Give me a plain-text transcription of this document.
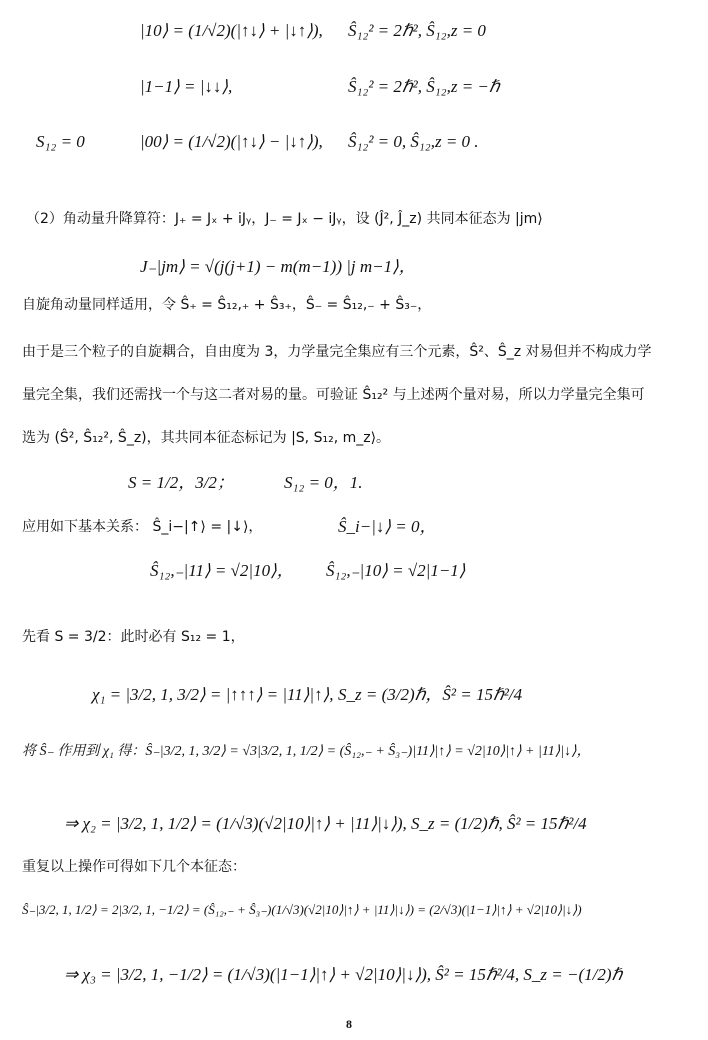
|10⟩ = (1/√2)(|↑↓⟩ + |↓↑⟩), Ŝ₁₂² = 2ℏ², Ŝ₁₂,z = 0
|1−1⟩ = |↓↓⟩,	Ŝ₁₂² = 2ℏ², Ŝ₁₂,z = −ℏ
S₁₂ = 0	|00⟩ = (1/√2)(|↑↓⟩ − |↓↑⟩), Ŝ₁₂² = 0, Ŝ₁₂,z = 0 .
（2）角动量升降算符：J₊ = Jₓ + iJᵧ，J₋ = Jₓ − iJᵧ，设 (Ĵ², Ĵ_z) 共同本征态为 |jm⟩
J₋|jm⟩ = √(j(j+1) − m(m−1)) |j m−1⟩，
自旋角动量同样适用，令 Ŝ₊ = Ŝ₁₂,₊ + Ŝ₃₊，Ŝ₋ = Ŝ₁₂,₋ + Ŝ₃₋，
由于是三个粒子的自旋耦合，自由度为 3，力学量完全集应有三个元素，Ŝ²、Ŝ_z 对易但并不构成力学
量完全集，我们还需找一个与这二者对易的量。可验证 Ŝ₁₂² 与上述两个量对易，所以力学量完全集可
选为 (Ŝ², Ŝ₁₂², Ŝ_z)，其共同本征态标记为 |S, S₁₂, m_z⟩。
S = 1/2，3/2；	S₁₂ = 0，1.
应用如下基本关系： Ŝ_i−|↑⟩ = |↓⟩，	Ŝ_i−|↓⟩ = 0，
Ŝ₁₂,₋|11⟩ = √2|10⟩， Ŝ₁₂,₋|10⟩ = √2|1−1⟩
先看 S = 3/2：此时必有 S₁₂ = 1，
χ₁ = |3/2, 1, 3/2⟩ = |↑↑↑⟩ = |11⟩|↑⟩, S_z = (3/2)ℏ，Ŝ² = 15ℏ²/4
将 Ŝ₋ 作用到 χ₁ 得：Ŝ₋|3/2, 1, 3/2⟩ = √3|3/2, 1, 1/2⟩ = (Ŝ₁₂,₋ + Ŝ₃₋)|11⟩|↑⟩ = √2|10⟩|↑⟩ + |11⟩|↓⟩，
⇒ χ₂ = |3/2, 1, 1/2⟩ = (1/√3)(√2|10⟩|↑⟩ + |11⟩|↓⟩), S_z = (1/2)ℏ, Ŝ² = 15ℏ²/4
重复以上操作可得如下几个本征态：
Ŝ₋|3/2, 1, 1/2⟩ = 2|3/2, 1, −1/2⟩ = (Ŝ₁₂,₋ + Ŝ₃₋)(1/√3)(√2|10⟩|↑⟩ + |11⟩|↓⟩) = (2/√3)(|1−1⟩|↑⟩ + √2|10⟩|↓⟩)
⇒ χ₃ = |3/2, 1, −1/2⟩ = (1/√3)(|1−1⟩|↑⟩ + √2|10⟩|↓⟩), Ŝ² = 15ℏ²/4, S_z = −(1/2)ℏ
8
